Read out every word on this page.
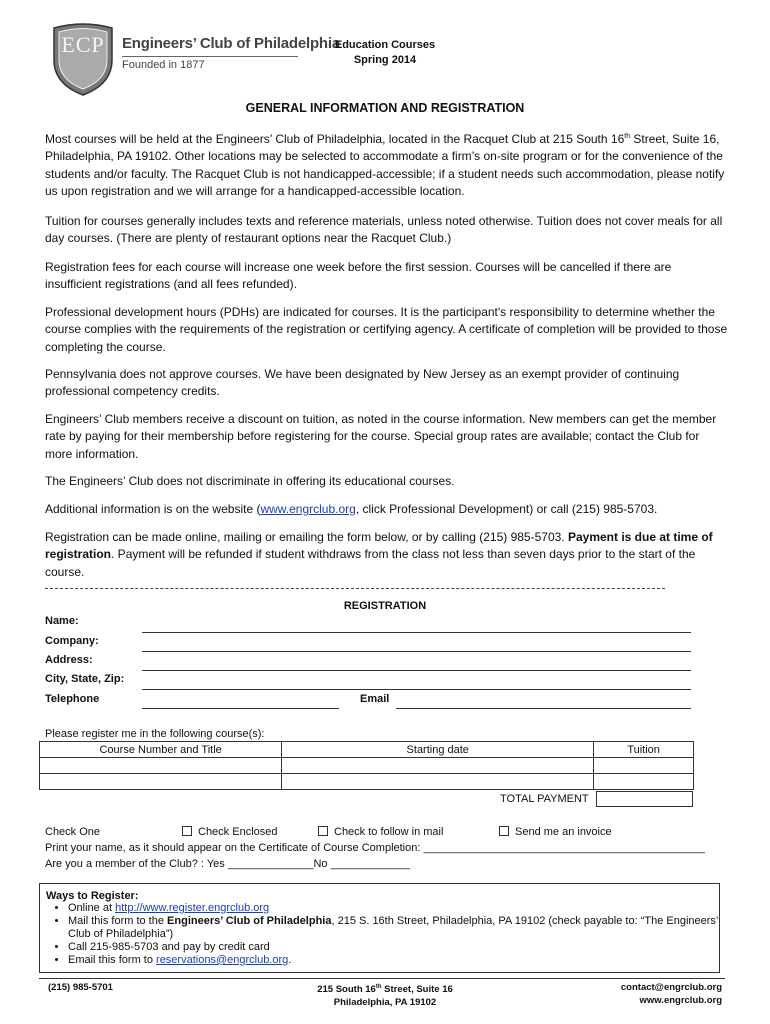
ECP	Engineers’ Club of Philadelphia
Founded in 1877
Education Courses
Spring 2014
GENERAL INFORMATION AND REGISTRATION
Most courses will be held at the Engineers’ Club of Philadelphia, located in the Racquet Club at 215 South 16th Street, Suite 16, Philadelphia, PA 19102. Other locations may be selected to accommodate a firm’s on-site program or for the convenience of the students and/or faculty. The Racquet Club is not handicapped-accessible; if a student needs such accommodation, please notify us upon registration and we will arrange for a handicapped-accessible location.
Tuition for courses generally includes texts and reference materials, unless noted otherwise. Tuition does not cover meals for all day courses. (There are plenty of restaurant options near the Racquet Club.)
Registration fees for each course will increase one week before the first session. Courses will be cancelled if there are insufficient registrations (and all fees refunded).
Professional development hours (PDHs) are indicated for courses. It is the participant's responsibility to determine whether the course complies with the requirements of the registration or certifying agency. A certificate of completion will be provided to those completing the course.
Pennsylvania does not approve courses. We have been designated by New Jersey as an exempt provider of continuing professional competency credits.
Engineers’ Club members receive a discount on tuition, as noted in the course information. New members can get the member rate by paying for their membership before registering for the course. Special group rates are available; contact the Club for more information.
The Engineers’ Club does not discriminate in offering its educational courses.
Additional information is on the website (www.engrclub.org, click Professional Development) or call (215) 985-5703.
Registration can be made online, mailing or emailing the form below, or by calling (215) 985-5703. Payment is due at time of registration. Payment will be refunded if student withdraws from the class not less than seven days prior to the start of the course.
REGISTRATION
Name:
Company:
Address:
City, State, Zip:
Telephone	Email
Please register me in the following course(s):
Course Number and Title	Starting date	Tuition

TOTAL PAYMENT
Check One	Check Enclosed	Check to follow in mail	Send me an invoice
Print your name, as it should appear on the Certificate of Course Completion: ______________________________________________
Are you a member of the Club? : Yes ______________No _____________
Ways to Register:
• Online at http://www.register.engrclub.org
• Mail this form to the Engineers’ Club of Philadelphia, 215 S. 16th Street, Philadelphia, PA 19102 (check payable to: “The Engineers’ Club of Philadelphia”)
• Call 215-985-5703 and pay by credit card
• Email this form to reservations@engrclub.org.
(215) 985-5701	215 South 16th Street, Suite 16
Philadelphia, PA 19102
contact@engrclub.org
www.engrclub.org
